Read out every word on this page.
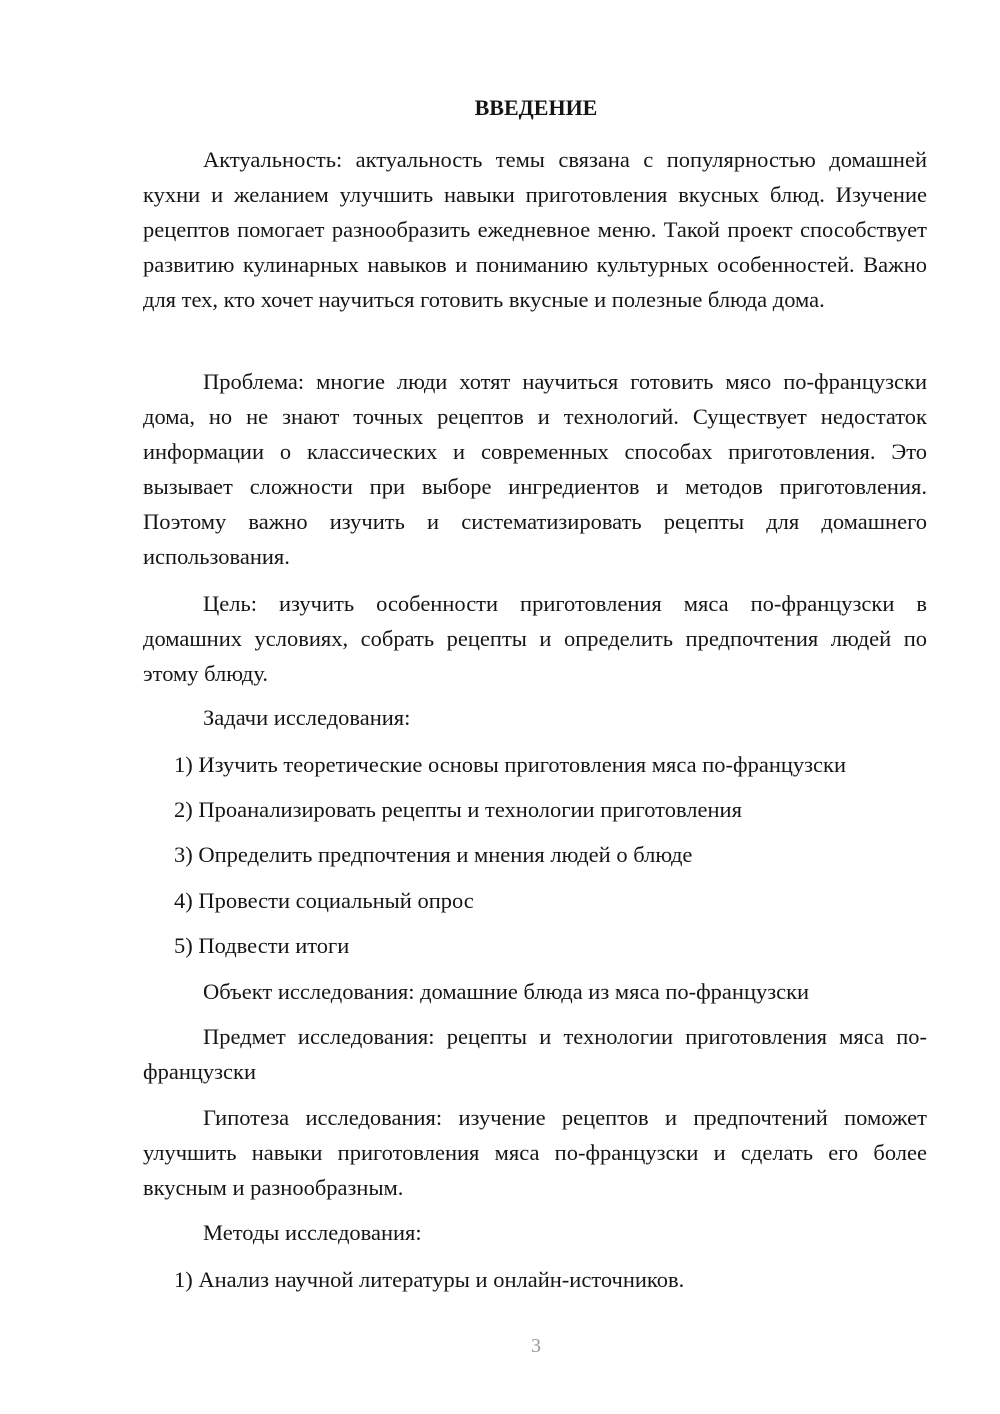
ВВЕДЕНИЕ

Актуальность: актуальность темы связана с популярностью домашней кухни и желанием улучшить навыки приготовления вкусных блюд. Изучение рецептов помогает разнообразить ежедневное меню. Такой проект способствует развитию кулинарных навыков и пониманию культурных особенностей. Важно для тех, кто хочет научиться готовить вкусные и полезные блюда дома.

Проблема: многие люди хотят научиться готовить мясо по-французски дома, но не знают точных рецептов и технологий. Существует недостаток информации о классических и современных способах приготовления. Это вызывает сложности при выборе ингредиентов и методов приготовления. Поэтому важно изучить и систематизировать рецепты для домашнего использования.

Цель: изучить особенности приготовления мяса по-французски в домашних условиях, собрать рецепты и определить предпочтения людей по этому блюду.

Задачи исследования:

1) Изучить теоретические основы приготовления мяса по-французски

2) Проанализировать рецепты и технологии приготовления

3) Определить предпочтения и мнения людей о блюде

4) Провести социальный опрос

5) Подвести итоги

Объект исследования: домашние блюда из мяса по-французски

Предмет исследования: рецепты и технологии приготовления мяса по-французски

Гипотеза исследования: изучение рецептов и предпочтений поможет улучшить навыки приготовления мяса по-французски и сделать его более вкусным и разнообразным.

Методы исследования:

1) Анализ научной литературы и онлайн-источников.

3
